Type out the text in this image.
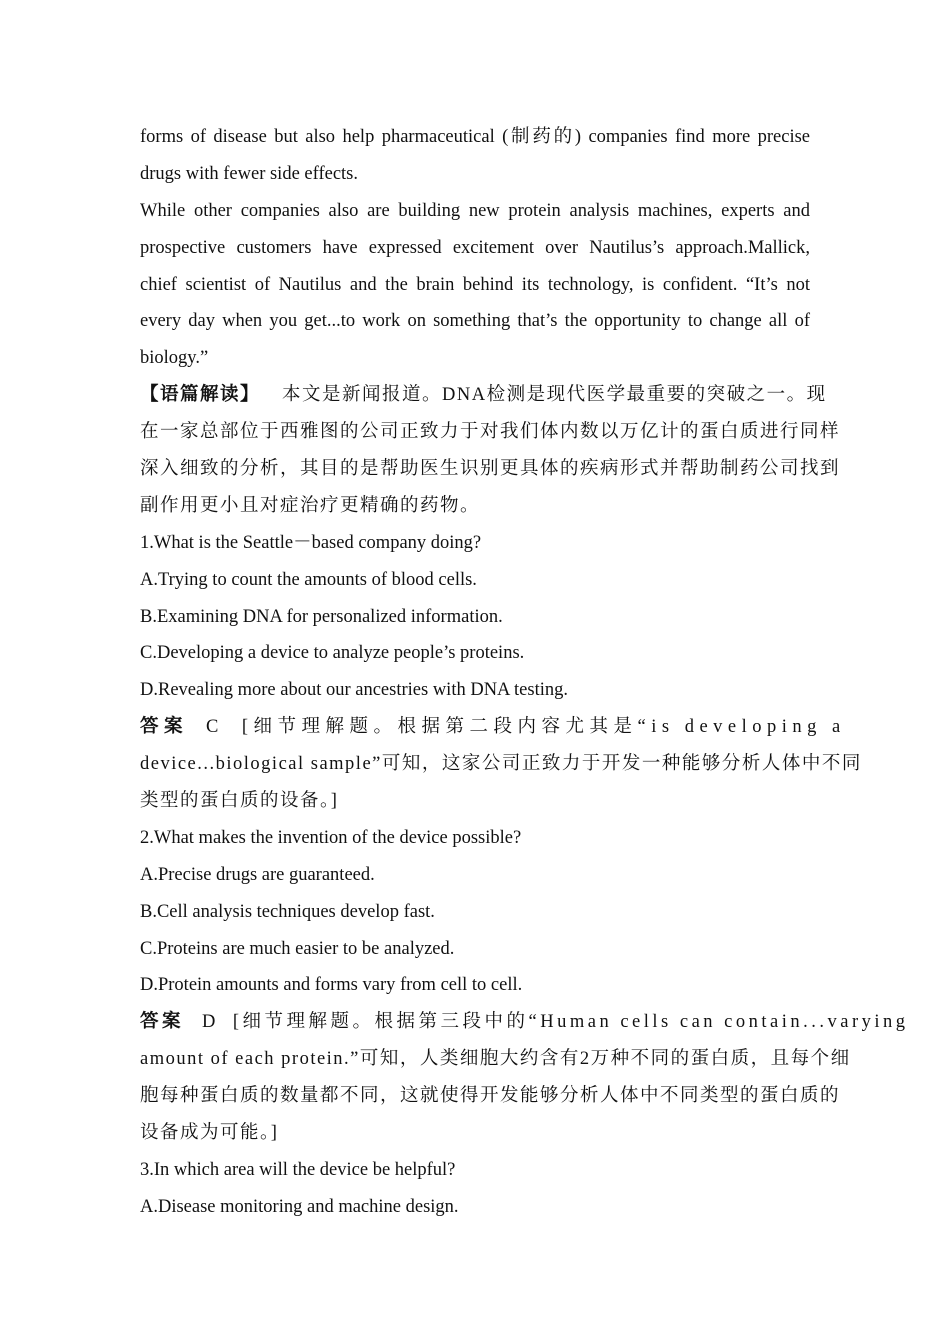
forms of disease but also help pharmaceutical (制药的) companies find more precise
drugs with fewer side effects.
While other companies also are building new protein analysis machines, experts and
prospective customers have expressed excitement over Nautilus’s approach.Mallick,
chief scientist of Nautilus and the brain behind its technology, is confident. “It’s not
every day when you get...to work on something that’s the opportunity to change all of
biology.”
【语篇解读】 本文是新闻报道。DNA检测是现代医学最重要的突破之一。现
在一家总部位于西雅图的公司正致力于对我们体内数以万亿计的蛋白质进行同样
深入细致的分析，其目的是帮助医生识别更具体的疾病形式并帮助制药公司找到
副作用更小且对症治疗更精确的药物。
1.What is the Seattle－based company doing?
A.Trying to count the amounts of blood cells.
B.Examining DNA for personalized information.
C.Developing a device to analyze people’s proteins.
D.Revealing more about our ancestries with DNA testing.
答案 C [细节理解题。根据第二段内容尤其是“is developing a
device...biological sample”可知，这家公司正致力于开发一种能够分析人体中不同
类型的蛋白质的设备。]
2.What makes the invention of the device possible?
A.Precise drugs are guaranteed.
B.Cell analysis techniques develop fast.
C.Proteins are much easier to be analyzed.
D.Protein amounts and forms vary from cell to cell.
答案 D [细节理解题。根据第三段中的“Human cells can contain...varying
amount of each protein.”可知，人类细胞大约含有2万种不同的蛋白质，且每个细
胞每种蛋白质的数量都不同，这就使得开发能够分析人体中不同类型的蛋白质的
设备成为可能。]
3.In which area will the device be helpful?
A.Disease monitoring and machine design.
